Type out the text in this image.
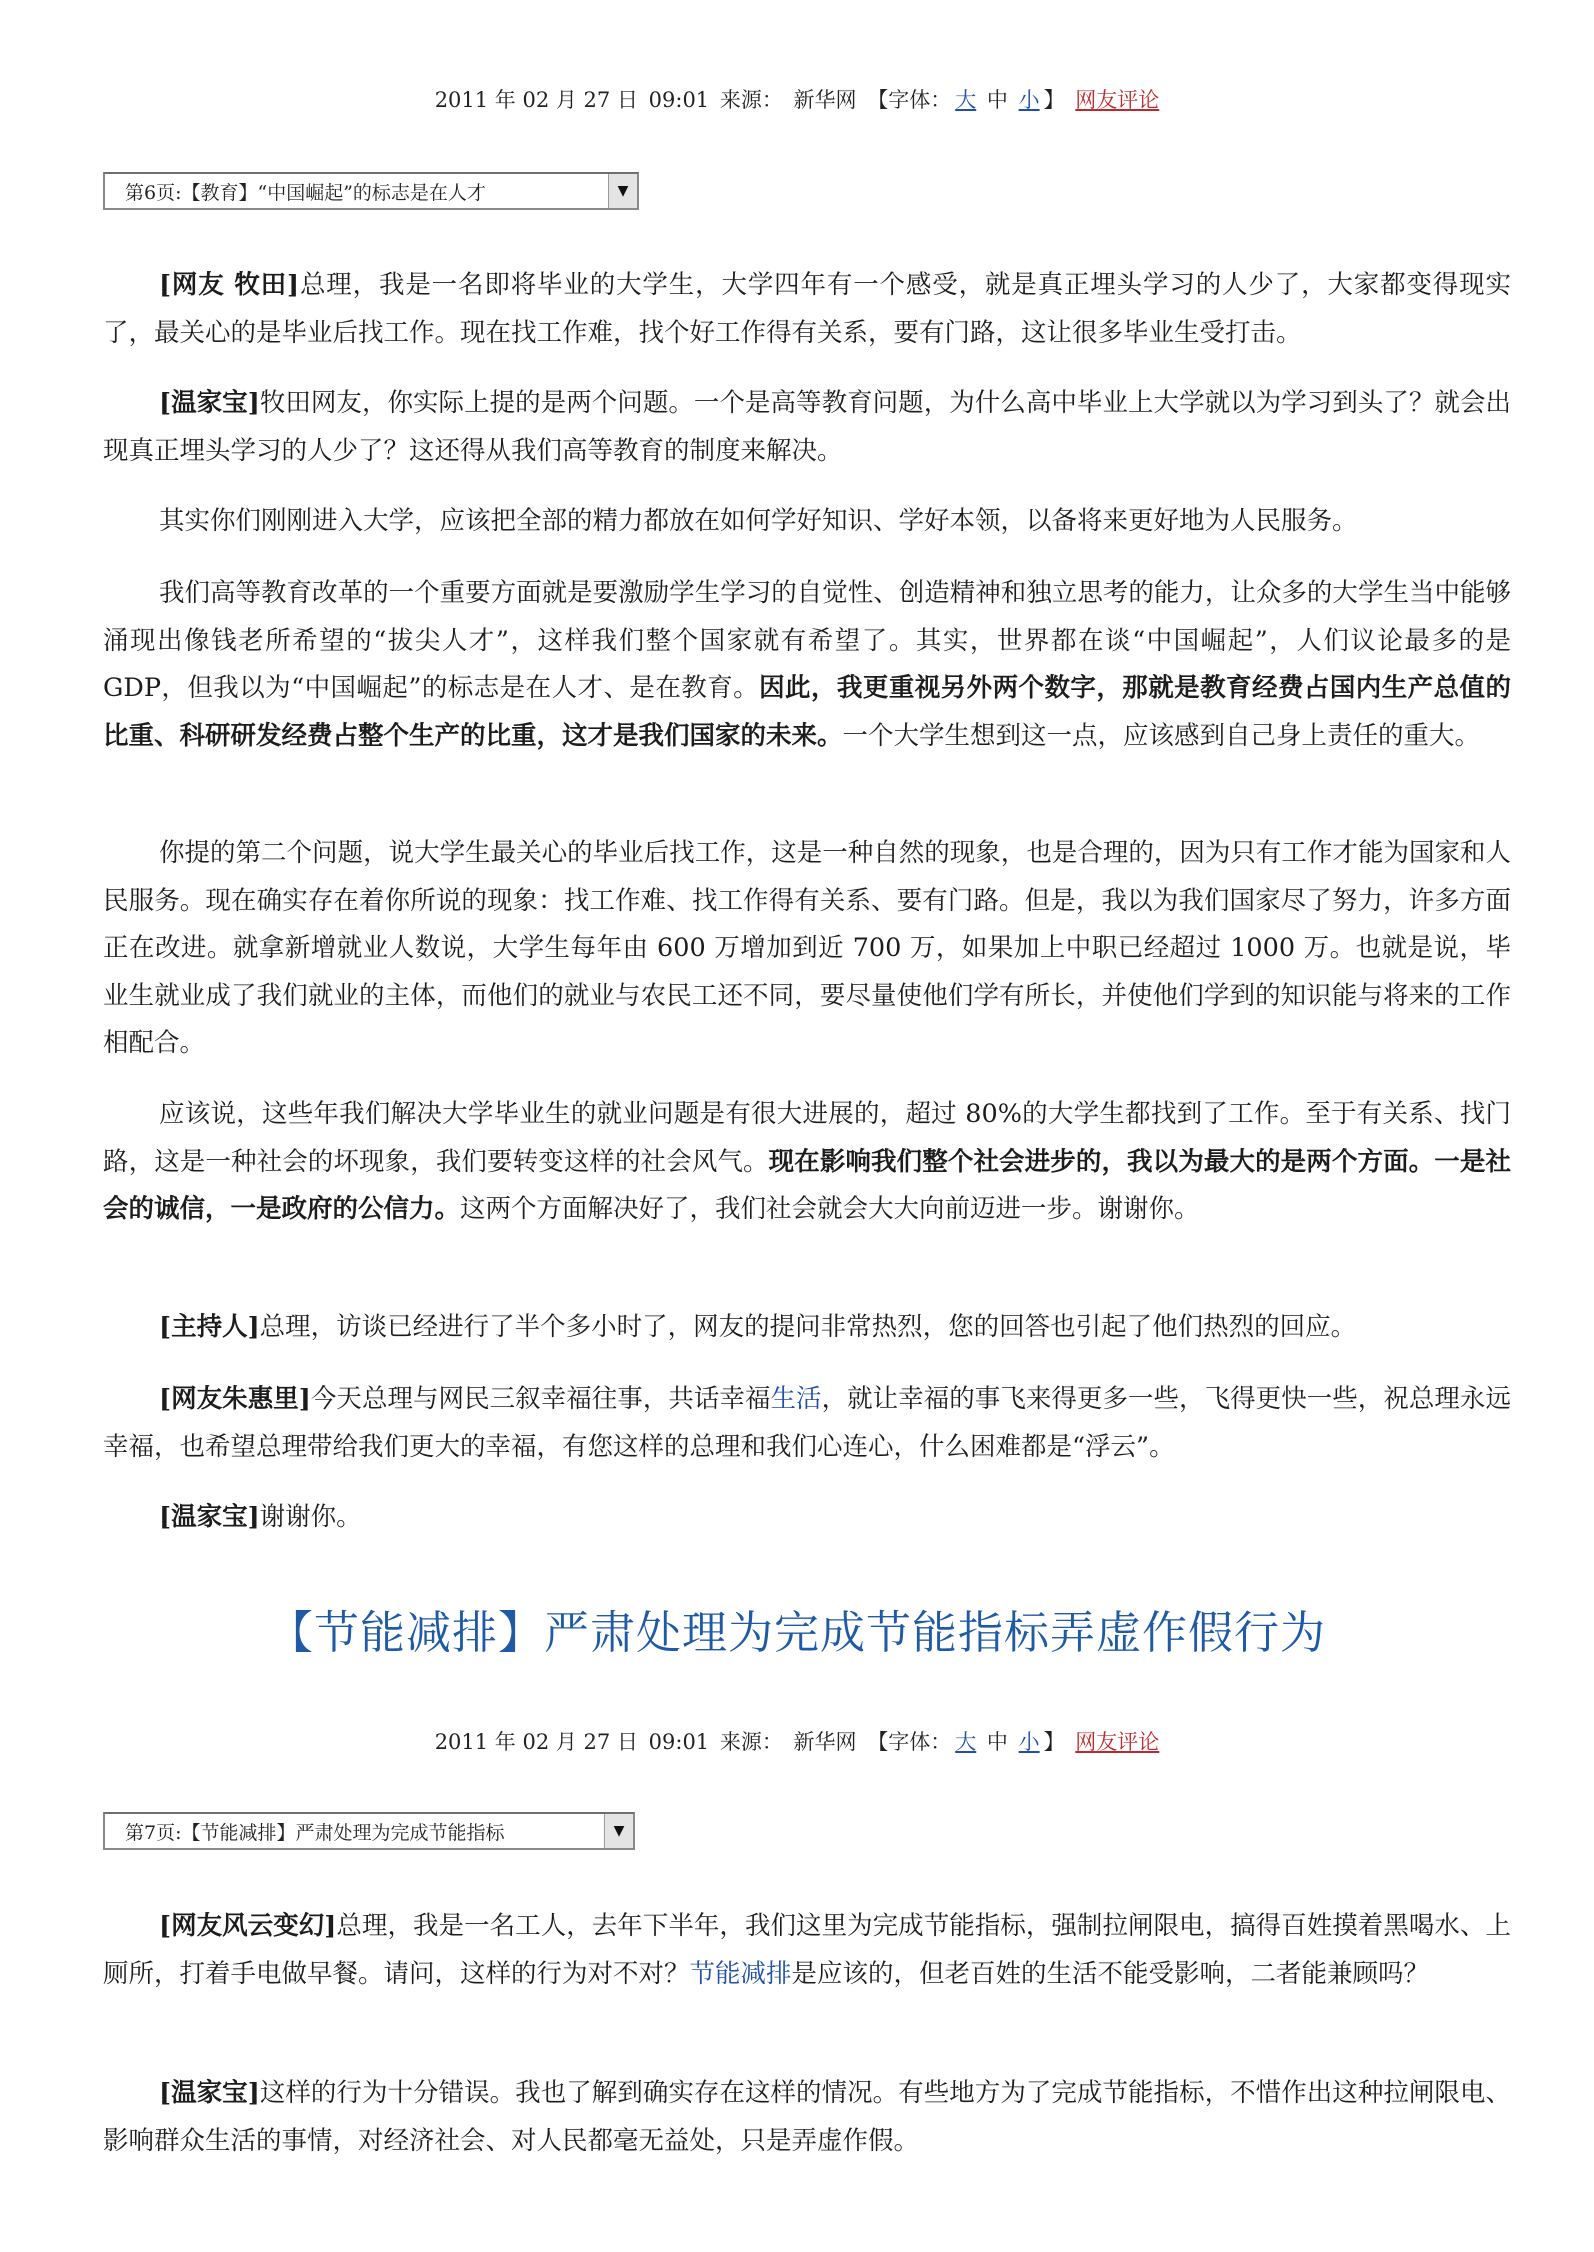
2011 年 02 月 27 日 09:01 来源： 新华网 【字体： 大 中 小 】 网友评论
第6页:【教育】“中国崛起”的标志是在人才	▼

[网友 牧田]总理，我是一名即将毕业的大学生，大学四年有一个感受，就是真正埋头学习的人少了，大家都变得现实了，最关心的是毕业后找工作。现在找工作难，找个好工作得有关系，要有门路，这让很多毕业生受打击。

[温家宝]牧田网友，你实际上提的是两个问题。一个是高等教育问题，为什么高中毕业上大学就以为学习到头了？就会出现真正埋头学习的人少了？这还得从我们高等教育的制度来解决。

其实你们刚刚进入大学，应该把全部的精力都放在如何学好知识、学好本领，以备将来更好地为人民服务。

我们高等教育改革的一个重要方面就是要激励学生学习的自觉性、创造精神和独立思考的能力，让众多的大学生当中能够涌现出像钱老所希望的“拔尖人才”，这样我们整个国家就有希望了。其实，世界都在谈“中国崛起”，人们议论最多的是 GDP，但我以为“中国崛起”的标志是在人才、是在教育。因此，我更重视另外两个数字，那就是教育经费占国内生产总值的比重、科研研发经费占整个生产的比重，这才是我们国家的未来。一个大学生想到这一点，应该感到自己身上责任的重大。

你提的第二个问题，说大学生最关心的毕业后找工作，这是一种自然的现象，也是合理的，因为只有工作才能为国家和人民服务。现在确实存在着你所说的现象：找工作难、找工作得有关系、要有门路。但是，我以为我们国家尽了努力，许多方面正在改进。就拿新增就业人数说，大学生每年由 600 万增加到近 700 万，如果加上中职已经超过 1000 万。也就是说，毕业生就业成了我们就业的主体，而他们的就业与农民工还不同，要尽量使他们学有所长，并使他们学到的知识能与将来的工作相配合。

应该说，这些年我们解决大学毕业生的就业问题是有很大进展的，超过 80%的大学生都找到了工作。至于有关系、找门路，这是一种社会的坏现象，我们要转变这样的社会风气。现在影响我们整个社会进步的，我以为最大的是两个方面。一是社会的诚信，一是政府的公信力。这两个方面解决好了，我们社会就会大大向前迈进一步。谢谢你。

[主持人]总理，访谈已经进行了半个多小时了，网友的提问非常热烈，您的回答也引起了他们热烈的回应。

[网友朱惠里]今天总理与网民三叙幸福往事，共话幸福生活，就让幸福的事飞来得更多一些，飞得更快一些，祝总理永远幸福，也希望总理带给我们更大的幸福，有您这样的总理和我们心连心，什么困难都是“浮云”。

[温家宝]谢谢你。

【节能减排】严肃处理为完成节能指标弄虚作假行为
2011 年 02 月 27 日 09:01 来源： 新华网 【字体： 大 中 小 】 网友评论
第7页:【节能减排】严肃处理为完成节能指标	▼

[网友风云变幻]总理，我是一名工人，去年下半年，我们这里为完成节能指标，强制拉闸限电，搞得百姓摸着黑喝水、上厕所，打着手电做早餐。请问，这样的行为对不对？节能减排是应该的，但老百姓的生活不能受影响，二者能兼顾吗？

[温家宝]这样的行为十分错误。我也了解到确实存在这样的情况。有些地方为了完成节能指标，不惜作出这种拉闸限电、影响群众生活的事情，对经济社会、对人民都毫无益处，只是弄虚作假。
